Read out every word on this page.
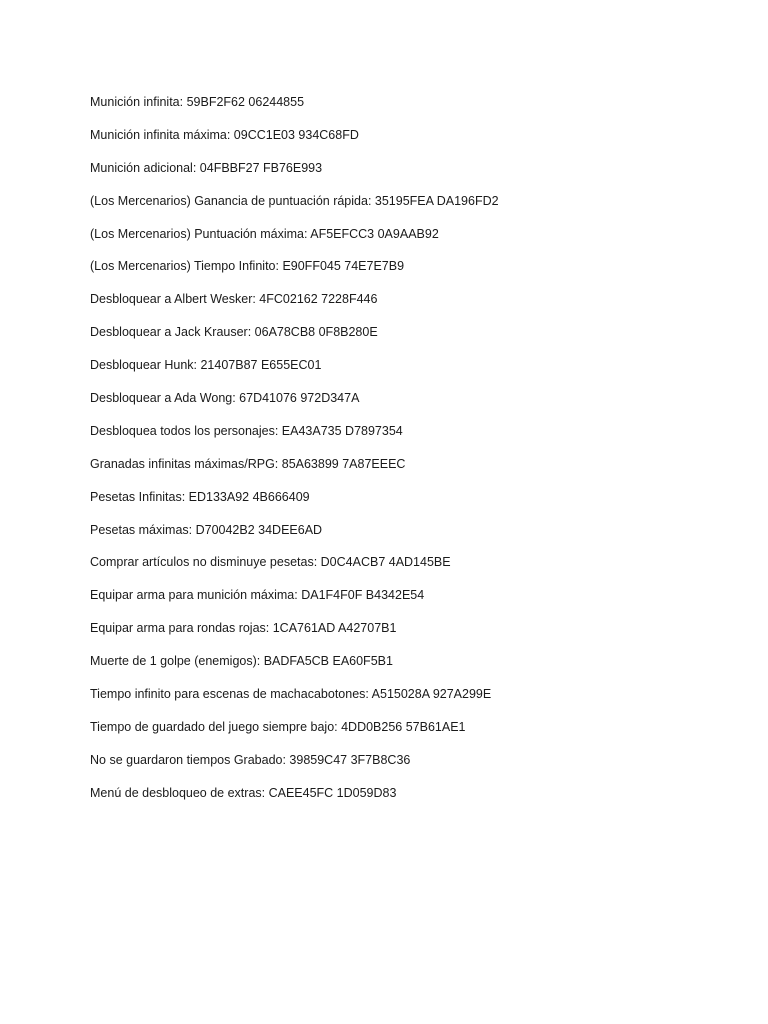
Munición infinita: 59BF2F62 06244855
Munición infinita máxima: 09CC1E03 934C68FD
Munición adicional: 04FBBF27 FB76E993
(Los Mercenarios) Ganancia de puntuación rápida: 35195FEA DA196FD2
(Los Mercenarios) Puntuación máxima: AF5EFCC3 0A9AAB92
(Los Mercenarios) Tiempo Infinito: E90FF045 74E7E7B9
Desbloquear a Albert Wesker: 4FC02162 7228F446
Desbloquear a Jack Krauser: 06A78CB8 0F8B280E
Desbloquear Hunk: 21407B87 E655EC01
Desbloquear a Ada Wong: 67D41076 972D347A
Desbloquea todos los personajes: EA43A735 D7897354
Granadas infinitas máximas/RPG: 85A63899 7A87EEEC
Pesetas Infinitas: ED133A92 4B666409
Pesetas máximas: D70042B2 34DEE6AD
Comprar artículos no disminuye pesetas: D0C4ACB7 4AD145BE
Equipar arma para munición máxima: DA1F4F0F B4342E54
Equipar arma para rondas rojas: 1CA761AD A42707B1
Muerte de 1 golpe (enemigos): BADFA5CB EA60F5B1
Tiempo infinito para escenas de machacabotones: A515028A 927A299E
Tiempo de guardado del juego siempre bajo: 4DD0B256 57B61AE1
No se guardaron tiempos Grabado: 39859C47 3F7B8C36
Menú de desbloqueo de extras: CAEE45FC 1D059D83
